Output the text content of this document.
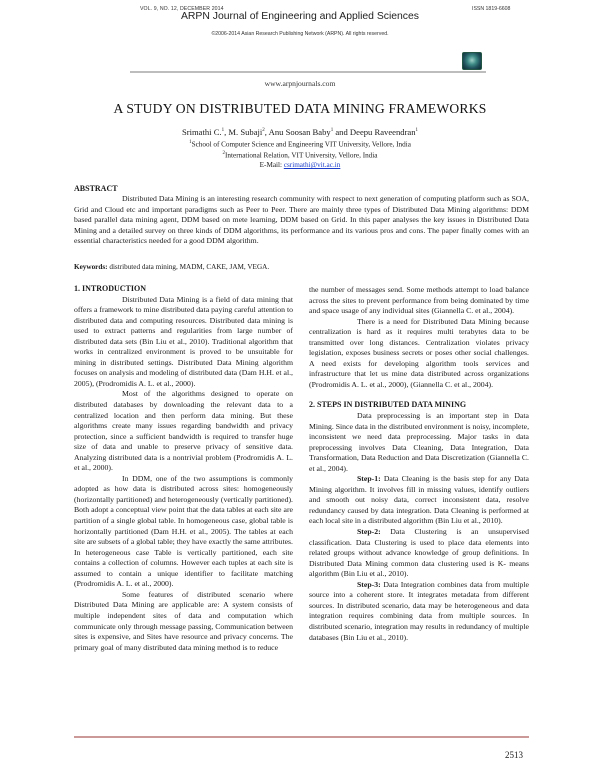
VOL. 9, NO. 12, DECEMBER 2014	ISSN 1819-6608
ARPN Journal of Engineering and Applied Sciences
©2006-2014 Asian Research Publishing Network (ARPN). All rights reserved.
www.arpnjournals.com
A STUDY ON DISTRIBUTED DATA MINING FRAMEWORKS
Srimathi C.$^1$, M. Subaji$^2$, Anu Soosan Baby$^1$ and Deepu Raveendran$^1$
$^1$School of Computer Science and Engineering VIT University, Vellore, India
$^2$International Relation, VIT University, Vellore, India
E-Mail: csrimathi@vit.ac.in
ABSTRACT

Distributed Data Mining is an interesting research community with respect to next generation of computing platform such as SOA, Grid and Cloud etc and important paradigms such as Peer to Peer. There are mainly three types of Distributed Data Mining algorithms: DDM based parallel data mining agent, DDM based on mete learning, DDM based on Grid. In this paper analyses the key issues in Distributed Data Mining and a detailed survey on three kinds of DDM algorithms, its performance and its various pros and cons. The paper finally comes with an essential characteristics needed for a good DDM algorithm.

Keywords: distributed data mining, MADM, CAKE, JAM, VEGA.
1. INTRODUCTION

Distributed Data Mining is a field of data mining that offers a framework to mine distributed data paying careful attention to distributed data and computing resources. Distributed data mining is used to extract patterns and regularities from large number of distributed data sets (Bin Liu et al., 2010). Traditional algorithm that works in centralized environment is proved to be unsuitable for mining in distributed settings. Distributed Data Mining algorithm focuses on analysis and modeling of distributed data (Dam H.H. et al., 2005), (Prodromidis A. L. et al., 2000).

Most of the algorithms designed to operate on distributed databases by downloading the relevant data to a centralized location and then perform data mining. But these algorithms create many issues regarding bandwidth and privacy protection, since a sufficient bandwidth is required to transfer huge size of data and unable to preserve privacy of sensitive data. Analyzing distributed data is a nontrivial problem (Prodromidis A. L. et al., 2000).

In DDM, one of the two assumptions is commonly adopted as how data is distributed across sites: homogeneously (horizontally partitioned) and heterogeneously (vertically partitioned). Both adopt a conceptual view point that the data tables at each site are partition of a single global table. In homogeneous case, global table is horizontally partitioned (Dam H.H. et al., 2005). The tables at each site are subsets of a global table; they have exactly the same attributes. In heterogeneous case Table is vertically partitioned, each site contains a collection of columns. However each tuples at each site is assumed to contain a unique identifier to facilitate matching (Prodromidis A. L. et al., 2000).

Some features of distributed scenario where Distributed Data Mining are applicable are: A system consists of multiple independent sites of data and computation which communicate only through message passing, Communication between sites is expensive, and Sites have resource and privacy concerns. The primary goal of many distributed data mining method is to reduce

the number of messages send. Some methods attempt to load balance across the sites to prevent performance from being dominated by time and space usage of any individual sites (Giannella C. et al., 2004).

There is a need for Distributed Data Mining because centralization is hard as it requires multi terabytes data to be transmitted over long distances. Centralization violates privacy legislation, exposes business secrets or poses other social challenges. A need exists for developing algorithm tools services and infrastructure that let us mine data distributed across organizations (Prodromidis A. L. et al., 2000), (Giannella C. et al., 2004).

2. STEPS IN DISTRIBUTED DATA MINING

Data preprocessing is an important step in Data Mining. Since data in the distributed environment is noisy, incomplete, inconsistent we need data preprocessing. Major tasks in data preprocessing involves Data Cleaning, Data Integration, Data Transformation, Data Reduction and Data Discretization (Giannella C. et al., 2004).

Step-1: Data Cleaning is the basis step for any Data Mining algorithm. It involves fill in missing values, identify outliers and smooth out noisy data, correct inconsistent data, resolve redundancy caused by data integration. Data Cleaning is performed at each local site in a distributed algorithm (Bin Liu et al., 2010).

Step-2: Data Clustering is an unsupervised classification. Data Clustering is used to place data elements into related groups without advance knowledge of group definitions. In Distributed Data Mining common data clustering used is K- means algorithm (Bin Liu et al., 2010).

Step-3: Data Integration combines data from multiple source into a coherent store. It integrates metadata from different sources. In distributed scenario, data may be heterogeneous and data integration requires combining data from multiple sources. In distributed scenario, integration may results in redundancy of multiple databases (Bin Liu et al., 2010).

2513
